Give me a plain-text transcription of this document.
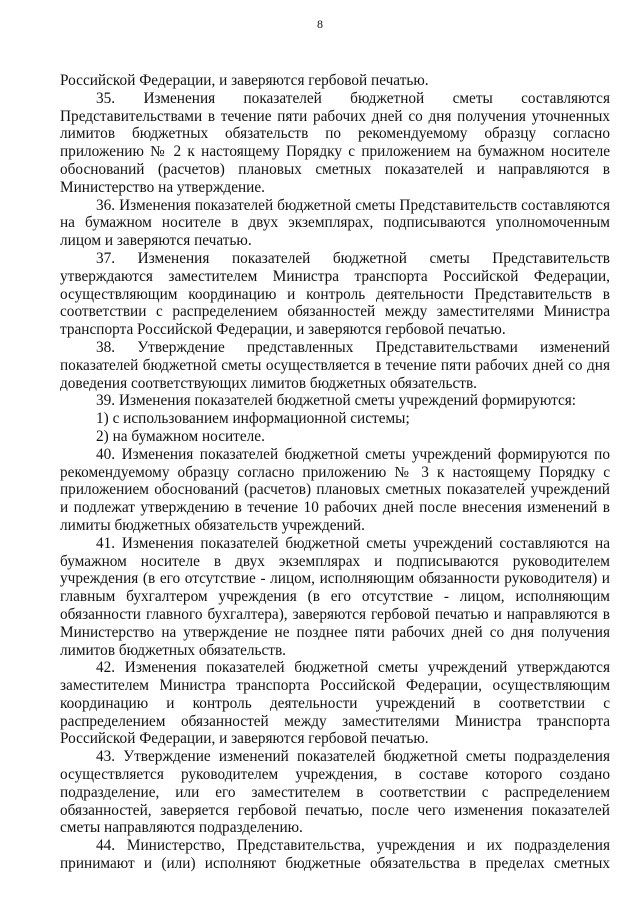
8

Российской Федерации, и заверяются гербовой печатью.

35. Изменения показателей бюджетной сметы составляются Представительствами в течение пяти рабочих дней со дня получения уточненных лимитов бюджетных обязательств по рекомендуемому образцу согласно приложению № 2 к настоящему Порядку с приложением на бумажном носителе обоснований (расчетов) плановых сметных показателей и направляются в Министерство на утверждение.

36. Изменения показателей бюджетной сметы Представительств составляются на бумажном носителе в двух экземплярах, подписываются уполномоченным лицом и заверяются печатью.

37. Изменения показателей бюджетной сметы Представительств утверждаются заместителем Министра транспорта Российской Федерации, осуществляющим координацию и контроль деятельности Представительств в соответствии с распределением обязанностей между заместителями Министра транспорта Российской Федерации, и заверяются гербовой печатью.

38. Утверждение представленных Представительствами изменений показателей бюджетной сметы осуществляется в течение пяти рабочих дней со дня доведения соответствующих лимитов бюджетных обязательств.

39. Изменения показателей бюджетной сметы учреждений формируются:

1) с использованием информационной системы;

2) на бумажном носителе.

40. Изменения показателей бюджетной сметы учреждений формируются по рекомендуемому образцу согласно приложению № 3 к настоящему Порядку с приложением обоснований (расчетов) плановых сметных показателей учреждений и подлежат утверждению в течение 10 рабочих дней после внесения изменений в лимиты бюджетных обязательств учреждений.

41. Изменения показателей бюджетной сметы учреждений составляются на бумажном носителе в двух экземплярах и подписываются руководителем учреждения (в его отсутствие - лицом, исполняющим обязанности руководителя) и главным бухгалтером учреждения (в его отсутствие - лицом, исполняющим обязанности главного бухгалтера), заверяются гербовой печатью и направляются в Министерство на утверждение не позднее пяти рабочих дней со дня получения лимитов бюджетных обязательств.

42. Изменения показателей бюджетной сметы учреждений утверждаются заместителем Министра транспорта Российской Федерации, осуществляющим координацию и контроль деятельности учреждений в соответствии с распределением обязанностей между заместителями Министра транспорта Российской Федерации, и заверяются гербовой печатью.

43. Утверждение изменений показателей бюджетной сметы подразделения осуществляется руководителем учреждения, в составе которого создано подразделение, или его заместителем в соответствии с распределением обязанностей, заверяется гербовой печатью, после чего изменения показателей сметы направляются подразделению.

44. Министерство, Представительства, учреждения и их подразделения принимают и (или) исполняют бюджетные обязательства в пределах сметных
